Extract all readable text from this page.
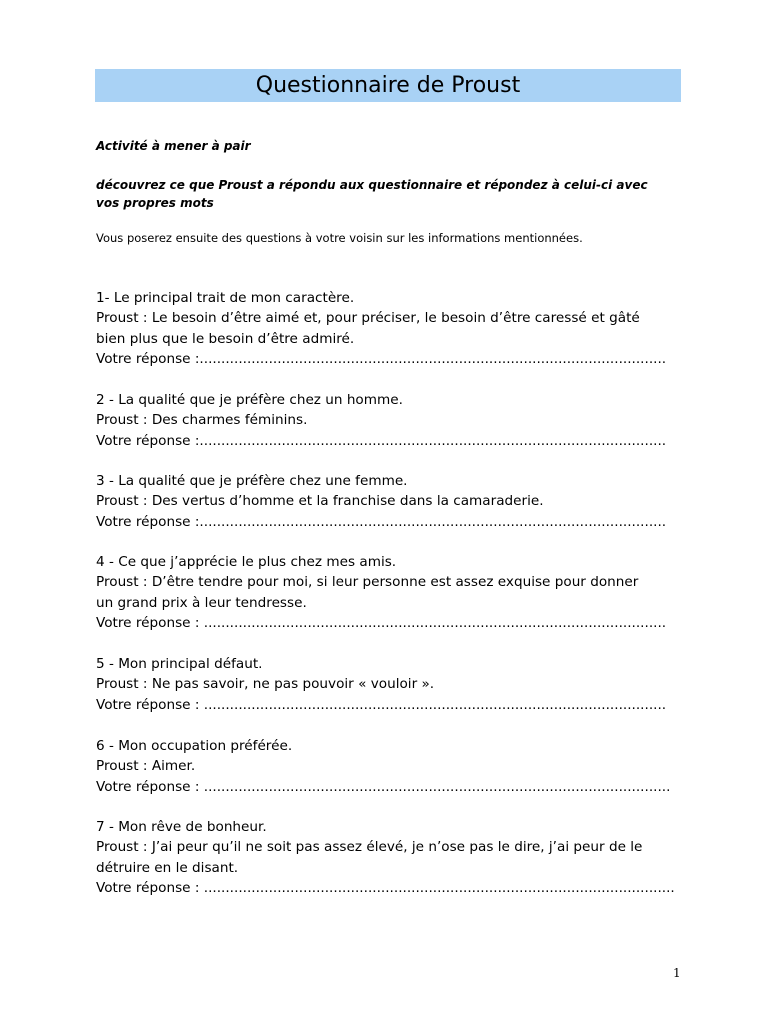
Questionnaire de Proust
Activité à mener à pair
découvrez ce que Proust a répondu aux questionnaire et répondez à celui-ci avec
vos propres mots
Vous poserez ensuite des questions à votre voisin sur les informations mentionnées.
1- Le principal trait de mon caractère.
Proust : Le besoin d’être aimé et, pour préciser, le besoin d’être caressé et gâté
bien plus que le besoin d’être admiré.
Votre réponse :............................................................................................................
2 - La qualité que je préfère chez un homme.
Proust : Des charmes féminins.
Votre réponse :............................................................................................................
3 - La qualité que je préfère chez une femme.
Proust : Des vertus d’homme et la franchise dans la camaraderie.
Votre réponse :............................................................................................................
4 - Ce que j’apprécie le plus chez mes amis.
Proust : D’être tendre pour moi, si leur personne est assez exquise pour donner
un grand prix à leur tendresse.
Votre réponse : ...........................................................................................................
5 - Mon principal défaut.
Proust : Ne pas savoir, ne pas pouvoir « vouloir ».
Votre réponse : ...........................................................................................................
6 - Mon occupation préférée.
Proust : Aimer.
Votre réponse : ............................................................................................................
7 - Mon rêve de bonheur.
Proust : J’ai peur qu’il ne soit pas assez élevé, je n’ose pas le dire, j’ai peur de le
détruire en le disant.
Votre réponse : .............................................................................................................
1
